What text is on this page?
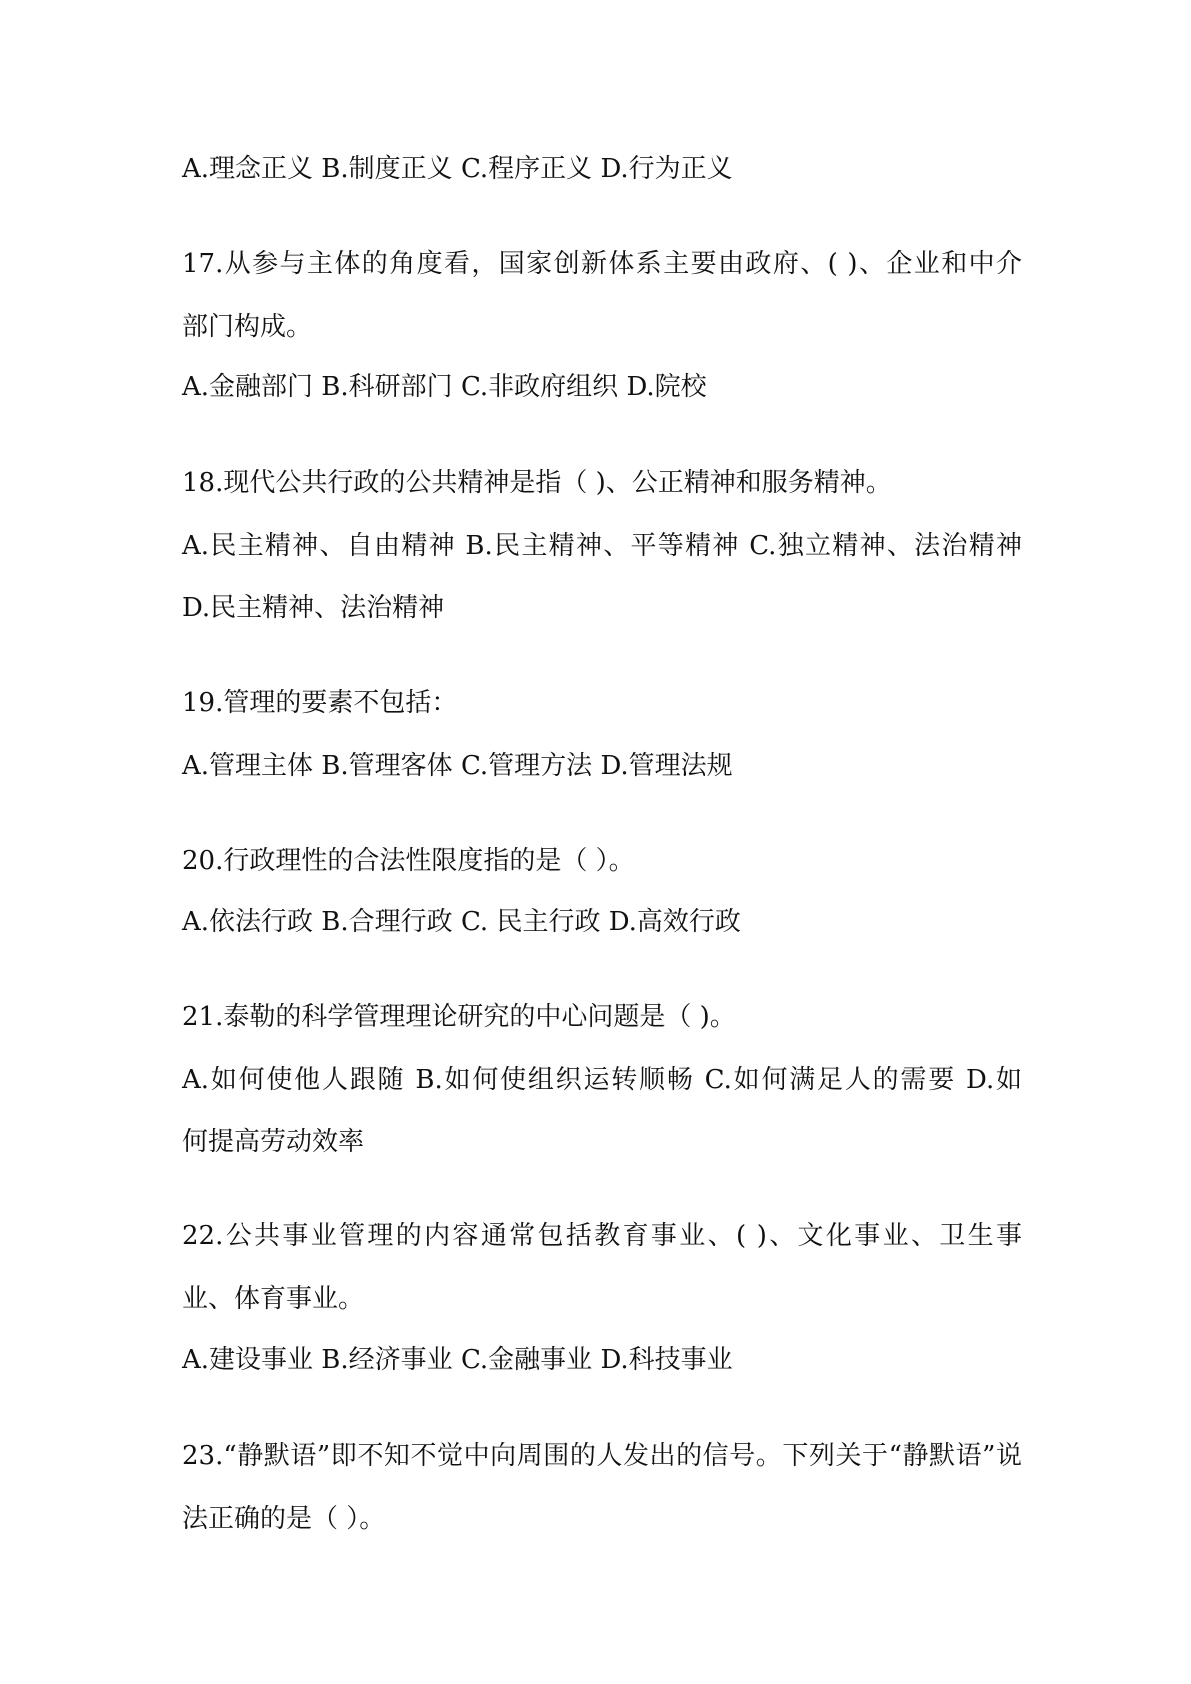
A.理念正义 B.制度正义 C.程序正义 D.行为正义
17.从参与主体的角度看，国家创新体系主要由政府、( )、企业和中介
部门构成。
A.金融部门 B.科研部门 C.非政府组织 D.院校
18.现代公共行政的公共精神是指（ )、公正精神和服务精神。
A.民主精神、自由精神 B.民主精神、平等精神 C.独立精神、法治精神
D.民主精神、法治精神
19.管理的要素不包括：
A.管理主体 B.管理客体 C.管理方法 D.管理法规
20.行政理性的合法性限度指的是（ ）。
A.依法行政 B.合理行政 C. 民主行政 D.高效行政
21.泰勒的科学管理理论研究的中心问题是（ )。
A.如何使他人跟随 B.如何使组织运转顺畅 C.如何满足人的需要 D.如
何提高劳动效率
22.公共事业管理的内容通常包括教育事业、( )、文化事业、卫生事
业、体育事业。
A.建设事业 B.经济事业 C.金融事业 D.科技事业
23.“静默语”即不知不觉中向周围的人发出的信号。下列关于“静默语”说
法正确的是（ ）。
